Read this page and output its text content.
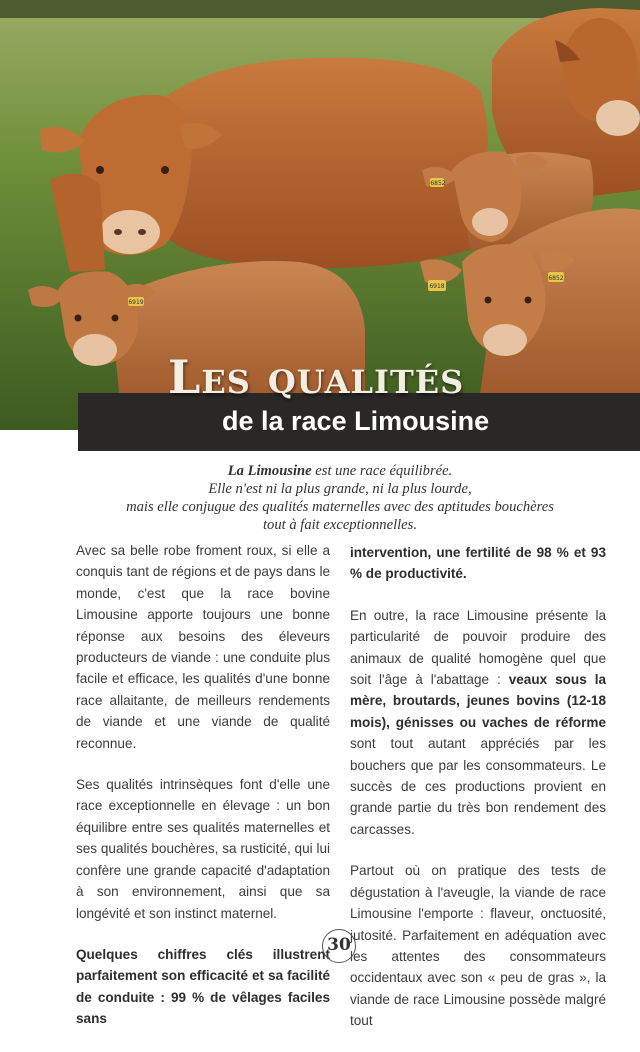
6919
6852
6918
6852
Les qualités
de la race Limousine
La Limousine est une race équilibrée.
Elle n'est ni la plus grande, ni la plus lourde,
mais elle conjugue des qualités maternelles avec des aptitudes bouchères
tout à fait exceptionnelles.

Avec sa belle robe froment roux, si elle a conquis tant de régions et de pays dans le monde, c'est que la race bovine Limousine apporte toujours une bonne réponse aux besoins des éleveurs producteurs de viande : une conduite plus facile et efficace, les qualités d'une bonne race allaitante, de meilleurs rendements de viande et une viande de qualité reconnue.

Ses qualités intrinsèques font d'elle une race exceptionnelle en élevage : un bon équilibre entre ses qualités maternelles et ses qualités bouchères, sa rusticité, qui lui confère une grande capacité d'adaptation à son environnement, ainsi que sa longévité et son instinct maternel.

Quelques chiffres clés illustrent parfaitement son efficacité et sa facilité de conduite : 99 % de vêlages faciles sans

intervention, une fertilité de 98 % et 93 % de productivité.

En outre, la race Limousine présente la particularité de pouvoir produire des animaux de qualité homogène quel que soit l'âge à l'abattage : veaux sous la mère, broutards, jeunes bovins (12-18 mois), génisses ou vaches de réforme sont tout autant appréciés par les bouchers que par les consommateurs. Le succès de ces productions provient en grande partie du très bon rendement des carcasses.

Partout où on pratique des tests de dégustation à l'aveugle, la viande de race Limousine l'emporte : flaveur, onctuosité, jutosité. Parfaitement en adéquation avec les attentes des consommateurs occidentaux avec son « peu de gras », la viande de race Limousine possède malgré tout

30
